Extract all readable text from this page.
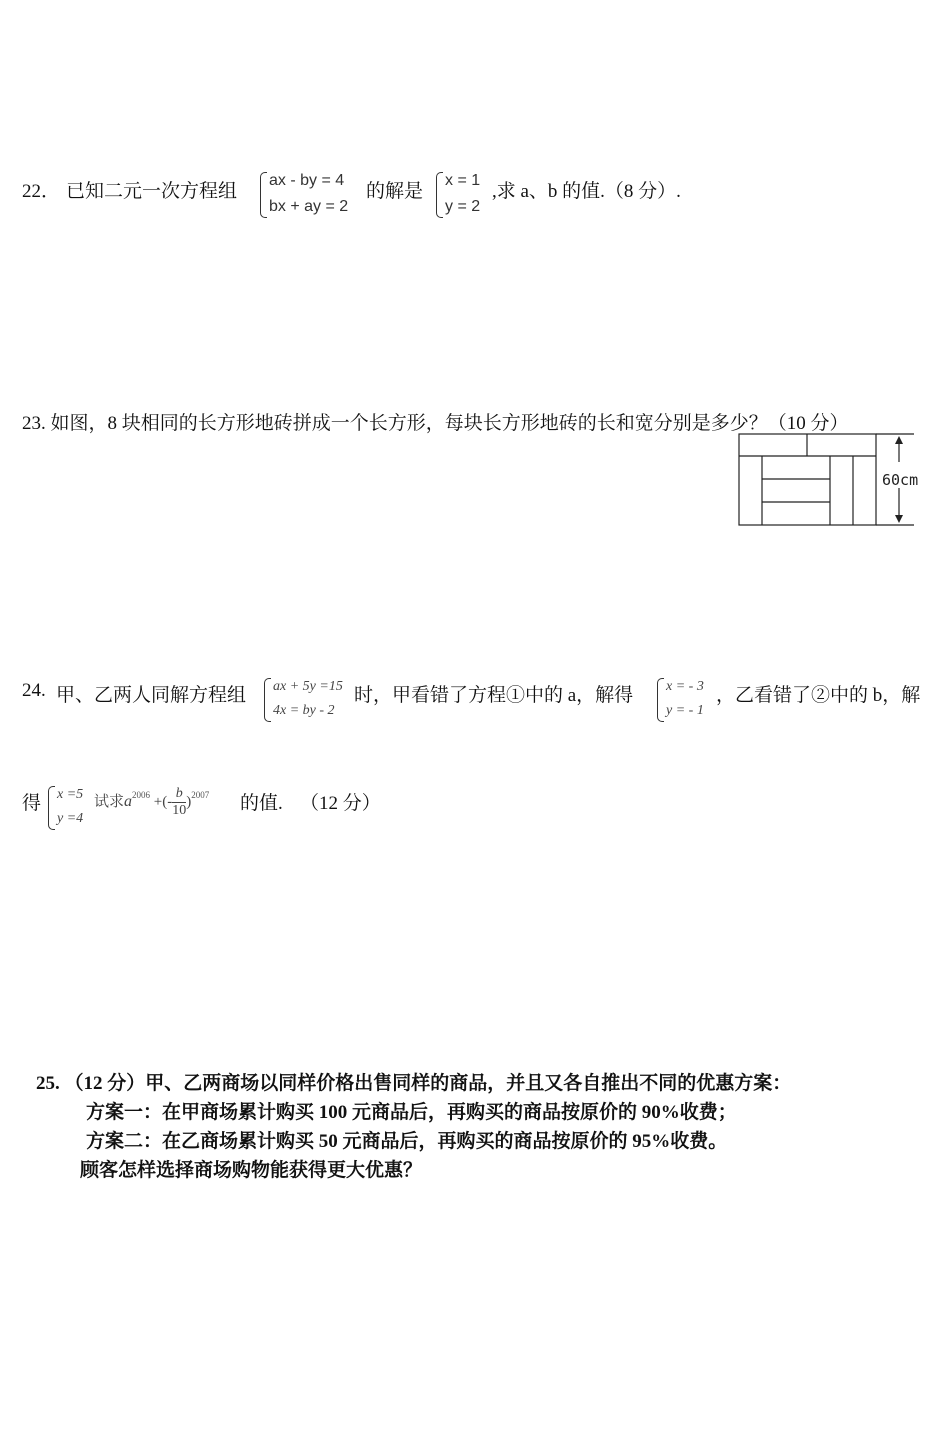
22． 已知二元一次方程组
ax - by = 4
bx + ay = 2
的解是
x = 1
y = 2
,求 a、b 的值.（8 分）.
23. 如图，8 块相同的长方形地砖拼成一个长方形，每块长方形地砖的长和宽分别是多少？（10 分）
60cm
24. 甲、乙两人同解方程组 ax + 5y =15
4x = by - 2
时，甲看错了方程①中的 a，解得 x = - 3
y = - 1
，乙看错了②中的 b，解
得 x =5
y =4
试求$a^{2006}$ +(- $\frac{b}{10} )^{2007}$ 的值. （12 分）
25. （12 分）甲、乙两商场以同样价格出售同样的商品，并且又各自推出不同的优惠方案：
方案一：在甲商场累计购买 100 元商品后，再购买的商品按原价的 90%收费；
方案二：在乙商场累计购买 50 元商品后，再购买的商品按原价的 95%收费。
顾客怎样选择商场购物能获得更大优惠？
